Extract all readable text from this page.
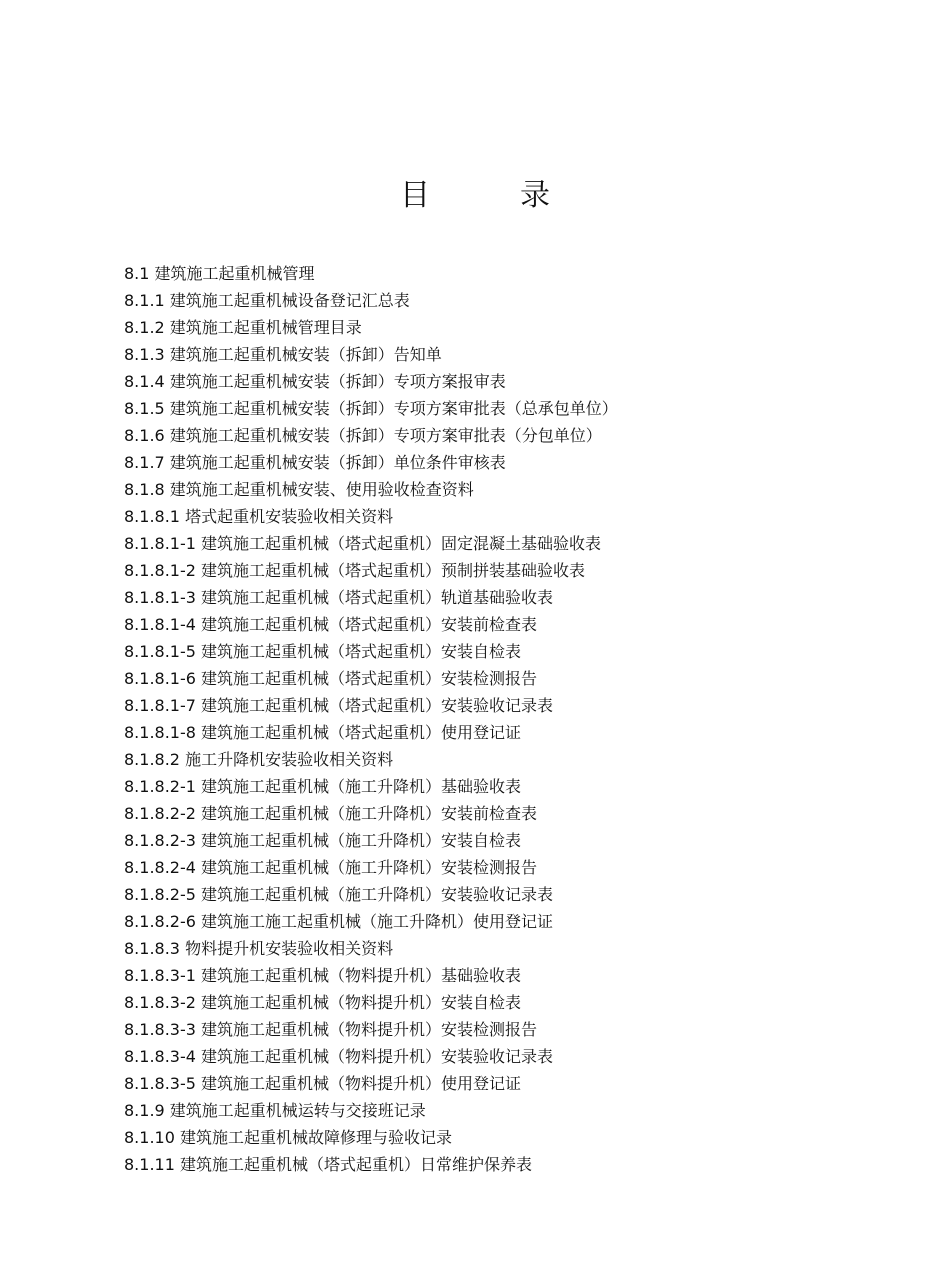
目　录
8.1 建筑施工起重机械管理
8.1.1 建筑施工起重机械设备登记汇总表
8.1.2 建筑施工起重机械管理目录
8.1.3 建筑施工起重机械安装（拆卸）告知单
8.1.4 建筑施工起重机械安装（拆卸）专项方案报审表
8.1.5 建筑施工起重机械安装（拆卸）专项方案审批表（总承包单位）
8.1.6 建筑施工起重机械安装（拆卸）专项方案审批表（分包单位）
8.1.7 建筑施工起重机械安装（拆卸）单位条件审核表
8.1.8 建筑施工起重机械安装、使用验收检查资料
8.1.8.1 塔式起重机安装验收相关资料
8.1.8.1-1 建筑施工起重机械（塔式起重机）固定混凝土基础验收表
8.1.8.1-2 建筑施工起重机械（塔式起重机）预制拼装基础验收表
8.1.8.1-3 建筑施工起重机械（塔式起重机）轨道基础验收表
8.1.8.1-4 建筑施工起重机械（塔式起重机）安装前检查表
8.1.8.1-5 建筑施工起重机械（塔式起重机）安装自检表
8.1.8.1-6 建筑施工起重机械（塔式起重机）安装检测报告
8.1.8.1-7 建筑施工起重机械（塔式起重机）安装验收记录表
8.1.8.1-8 建筑施工起重机械（塔式起重机）使用登记证
8.1.8.2 施工升降机安装验收相关资料
8.1.8.2-1 建筑施工起重机械（施工升降机）基础验收表
8.1.8.2-2 建筑施工起重机械（施工升降机）安装前检查表
8.1.8.2-3 建筑施工起重机械（施工升降机）安装自检表
8.1.8.2-4 建筑施工起重机械（施工升降机）安装检测报告
8.1.8.2-5 建筑施工起重机械（施工升降机）安装验收记录表
8.1.8.2-6 建筑施工施工起重机械（施工升降机）使用登记证
8.1.8.3 物料提升机安装验收相关资料
8.1.8.3-1 建筑施工起重机械（物料提升机）基础验收表
8.1.8.3-2 建筑施工起重机械（物料提升机）安装自检表
8.1.8.3-3 建筑施工起重机械（物料提升机）安装检测报告
8.1.8.3-4 建筑施工起重机械（物料提升机）安装验收记录表
8.1.8.3-5 建筑施工起重机械（物料提升机）使用登记证
8.1.9 建筑施工起重机械运转与交接班记录
8.1.10 建筑施工起重机械故障修理与验收记录
8.1.11 建筑施工起重机械（塔式起重机）日常维护保养表
